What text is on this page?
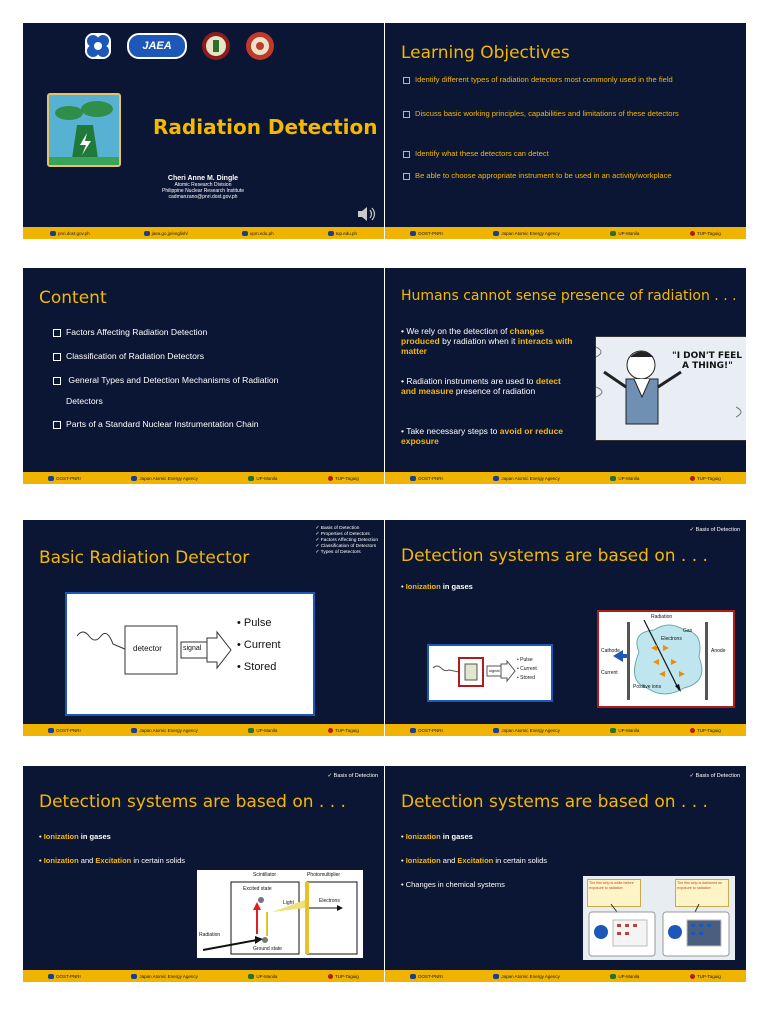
JAEA
Radiation Detection
Cheri Anne M. Dingle
Atomic Research Division
Philippine Nuclear Research Institute
cadmanzano@pnri.dost.gov.ph
pnri.dost.gov.ph	jaea.go.jp/english/	upm.edu.ph	tup.edu.ph
Learning Objectives
Identify different types of radiation detectors most commonly used in the field
Discuss basic working principles, capabilities and limitations of these detectors
Identify what these detectors can detect
Be able to choose appropriate instrument to be used in an activity/workplace
DOST-PNRI	Japan Atomic Energy Agency	UP-Manila	TUP-Taguig
Content
Factors Affecting Radiation Detection
Classification of Radiation Detectors
General Types and Detection Mechanisms of Radiation
Detectors
Parts of a Standard Nuclear Instrumentation Chain
DOST-PNRI	Japan Atomic Energy Agency	UP-Manila	TUP-Taguig
Humans cannot sense presence of radiation . . .
• We rely on the detection of changes produced by radiation when it interacts with matter
• Radiation instruments are used to detect and measure presence of radiation
• Take necessary steps to avoid or reduce exposure
"I DON'T FEEL
A THING!"
DOST-PNRI	Japan Atomic Energy Agency	UP-Manila	TUP-Taguig
Basic Radiation Detector
✓ Basis of Detection
✓ Properties of Detectors
✓ Factors Affecting Detection
✓ Classification of Detectors
✓ Types of Detectors
detector	signal
• Pulse
• Current
• Stored
DOST-PNRI	Japan Atomic Energy Agency	UP-Manila	TUP-Taguig
✓ Basis of Detection
Detection systems are based on . . .
• Ionization in gases
signal
• Pulse
• Current
• Stored
Radiation
Gas
Electrons
Cathode	Anode
Current
Positive ions
DOST-PNRI	Japan Atomic Energy Agency	UP-Manila	TUP-Taguig
✓ Basis of Detection
Detection systems are based on . . .
• Ionization in gases
• Ionization and Excitation in certain solids
Scintillator	Photomultiplier
Excited state
Light	Electrons
Radiation
Ground state
DOST-PNRI	Japan Atomic Energy Agency	UP-Manila	TUP-Taguig
✓ Basis of Detection
Detection systems are based on . . .
• Ionization in gases
• Ionization and Excitation in certain solids
• Changes in chemical systems	The film strip is white before exposure to radiation
The film strip is darkened on exposure to radiation
DOST-PNRI	Japan Atomic Energy Agency	UP-Manila	TUP-Taguig
